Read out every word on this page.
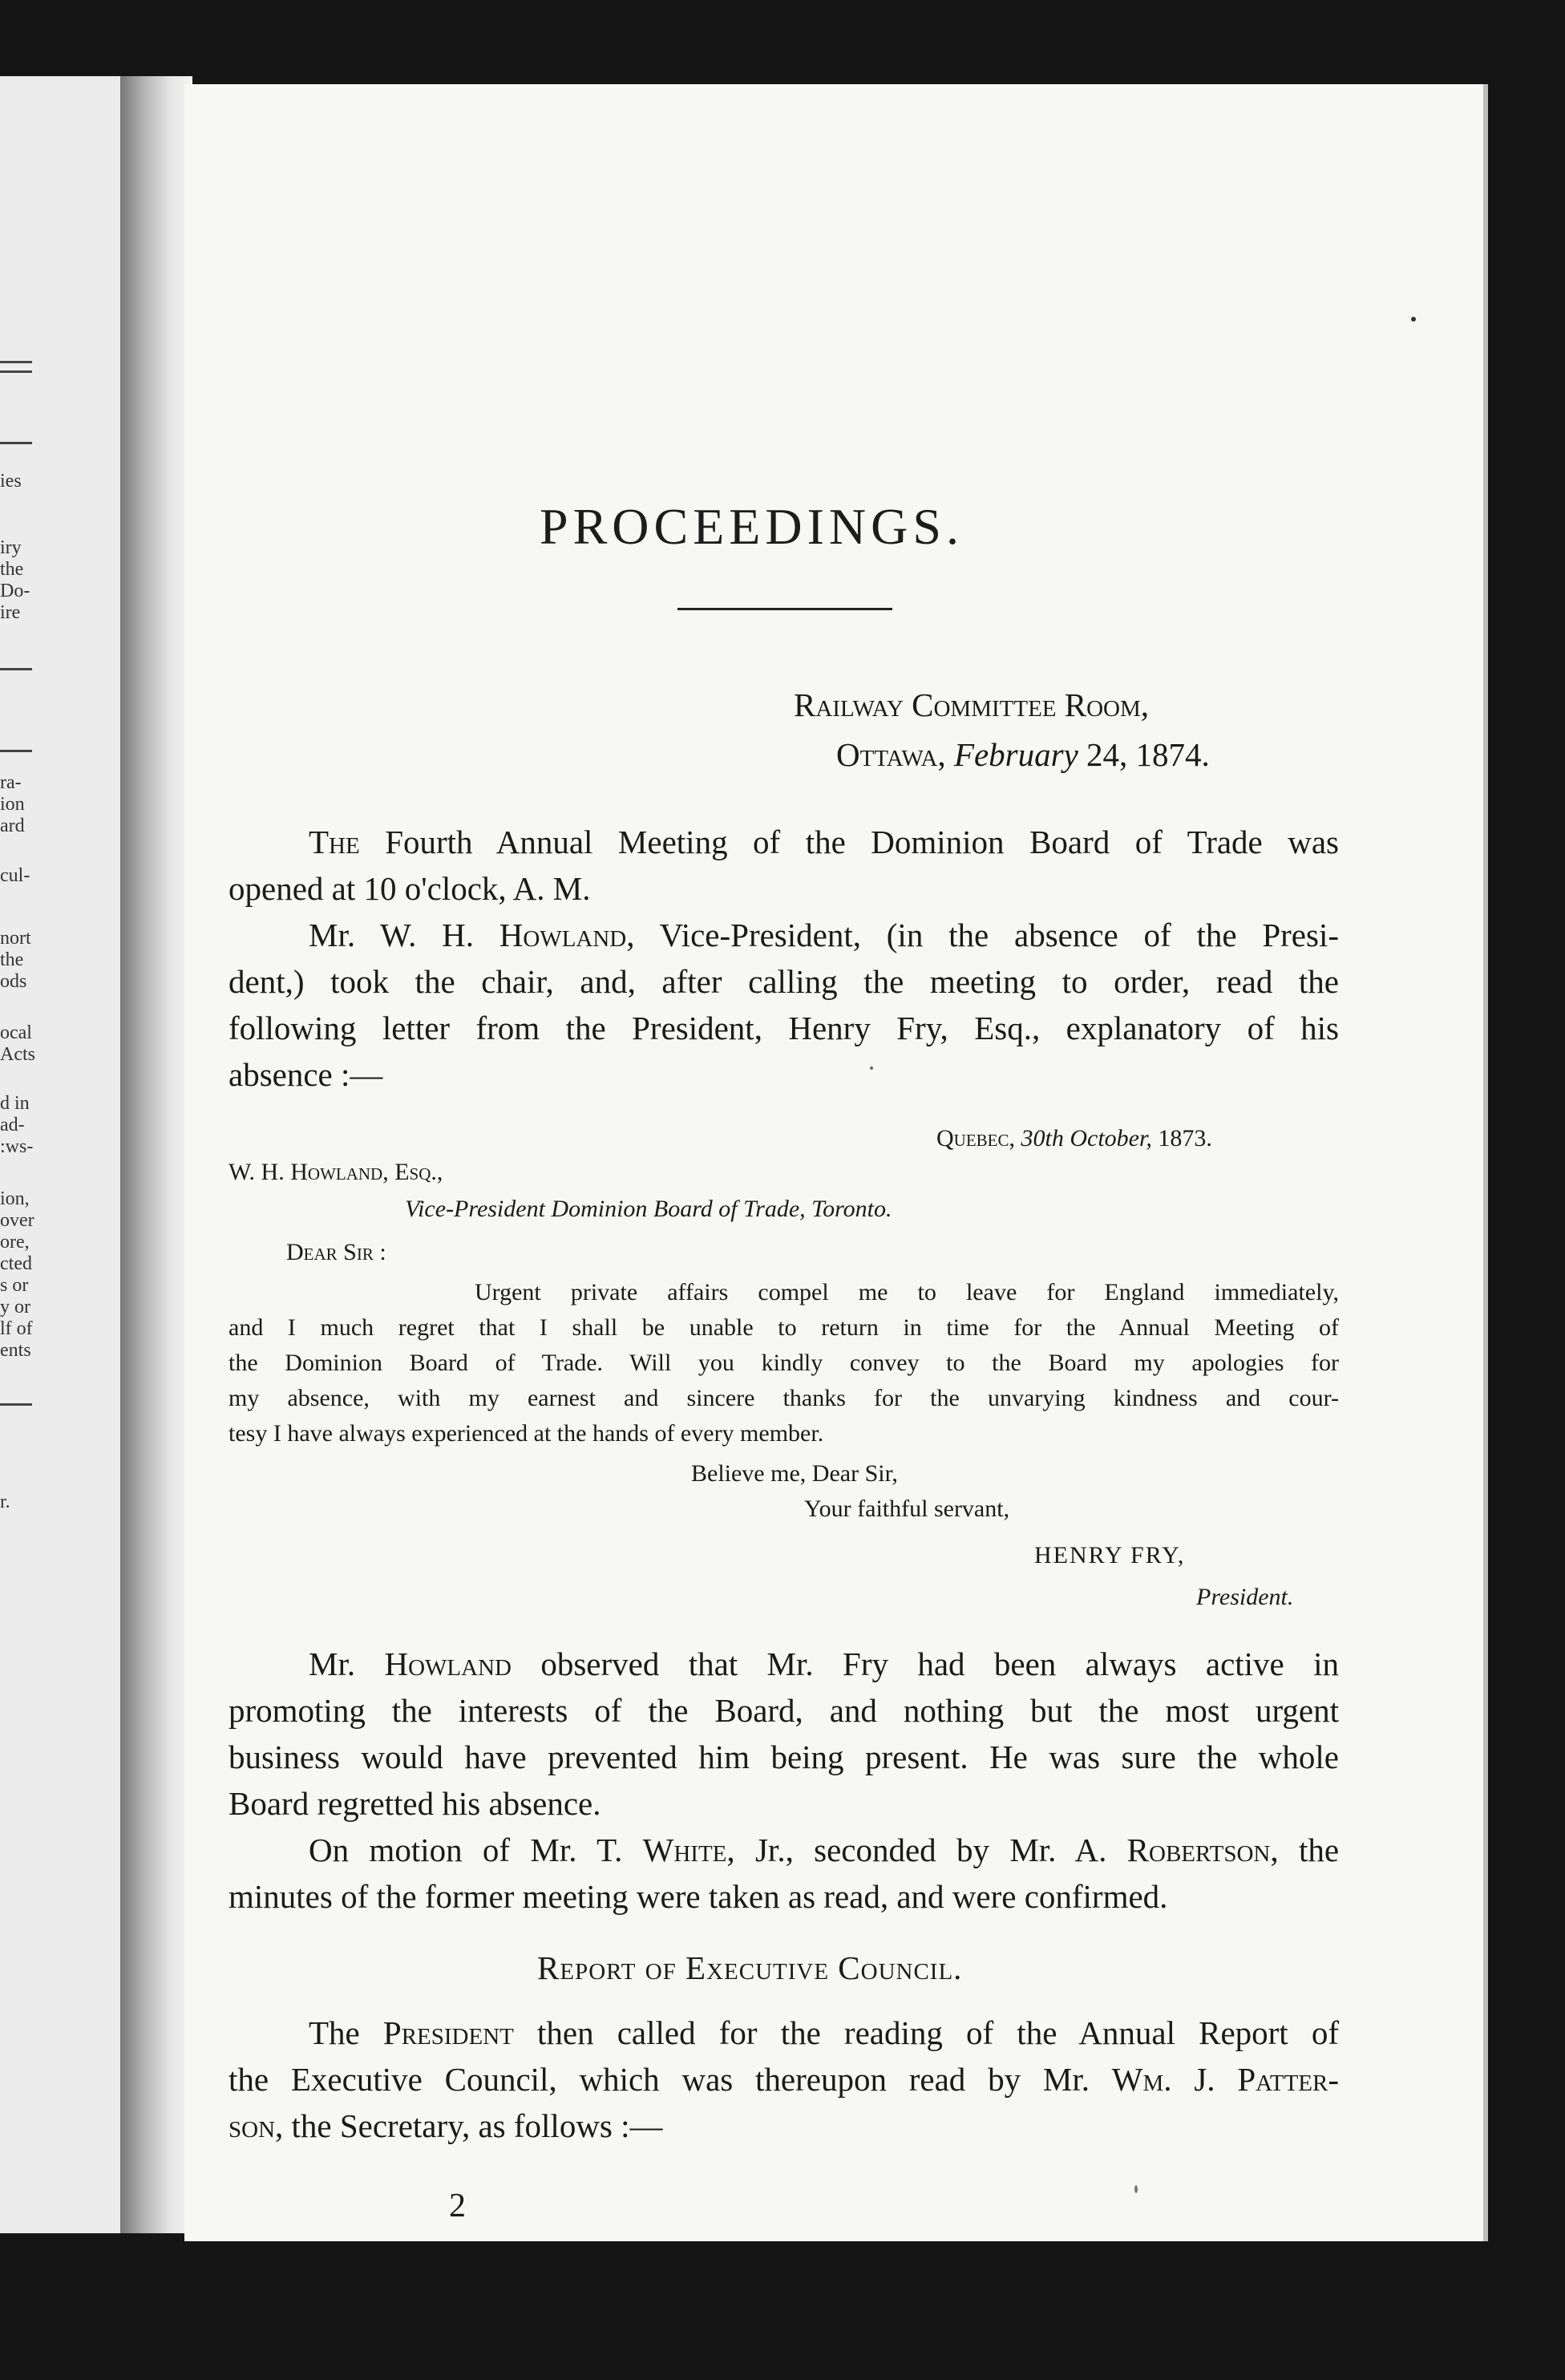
ies
iry
the
Do-
ire
ra-
ion
ard
cul-
nort
the
ods
ocal
Acts
d in
ad-
:ws-
ion,
over
ore,
cted
s or
y or
lf of
ents
r.
PROCEEDINGS.
Railway Committee Room,
Ottawa, February 24, 1874.
The Fourth Annual Meeting of the Dominion Board of Trade was
opened at 10 o'clock, A. M.
Mr. W. H. Howland, Vice-President, (in the absence of the Presi-
dent,) took the chair, and, after calling the meeting to order, read the
following letter from the President, Henry Fry, Esq., explanatory of his
absence :—
Quebec, 30th October, 1873.
W. H. Howland, Esq.,
Vice-President Dominion Board of Trade, Toronto.
Dear Sir :
Urgent private affairs compel me to leave for England immediately,
and I much regret that I shall be unable to return in time for the Annual Meeting of
the Dominion Board of Trade. Will you kindly convey to the Board my apologies for
my absence, with my earnest and sincere thanks for the unvarying kindness and cour-
tesy I have always experienced at the hands of every member.
Believe me, Dear Sir,
Your faithful servant,
HENRY FRY,
President.
Mr. Howland observed that Mr. Fry had been always active in
promoting the interests of the Board, and nothing but the most urgent
business would have prevented him being present. He was sure the whole
Board regretted his absence.
On motion of Mr. T. White, Jr., seconded by Mr. A. Robertson, the
minutes of the former meeting were taken as read, and were confirmed.
Report of Executive Council.
The President then called for the reading of the Annual Report of
the Executive Council, which was thereupon read by Mr. Wm. J. Patter-
son, the Secretary, as follows :—
2
